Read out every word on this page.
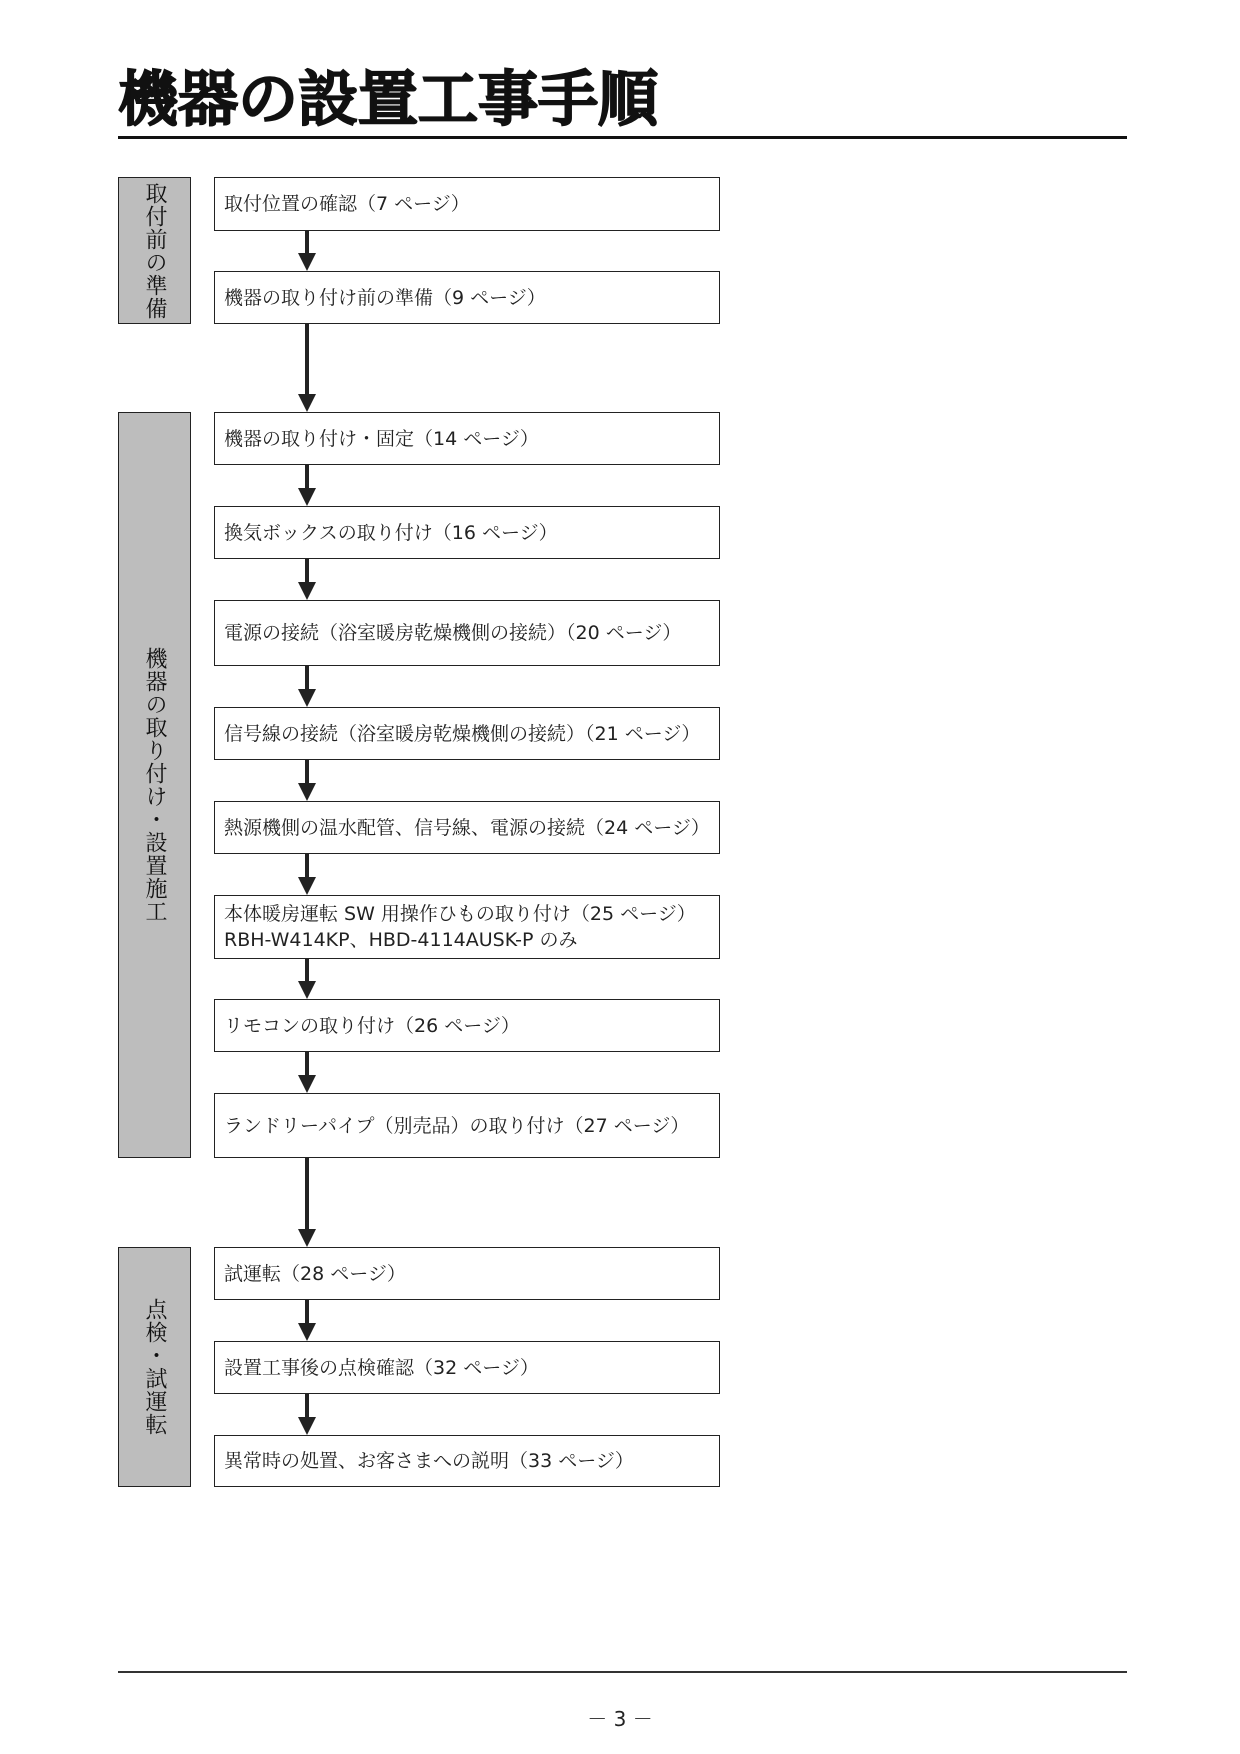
機器の設置工事手順
取付前の準備
機器の取り付け・設置施工
点検・試運転
取付位置の確認（7 ページ）
機器の取り付け前の準備（9 ページ）
機器の取り付け・固定（14 ページ）
換気ボックスの取り付け（16 ページ）
電源の接続（浴室暖房乾燥機側の接続）（20 ページ）
信号線の接続（浴室暖房乾燥機側の接続）（21 ページ）
熱源機側の温水配管、信号線、電源の接続（24 ページ）
本体暖房運転 SW 用操作ひもの取り付け（25 ページ）
RBH-W414KP、HBD-4114AUSK-P のみ
リモコンの取り付け（26 ページ）
ランドリーパイプ（別売品）の取り付け（27 ページ）
試運転（28 ページ）
設置工事後の点検確認（32 ページ）
異常時の処置、お客さまへの説明（33 ページ）
－ 3 －
